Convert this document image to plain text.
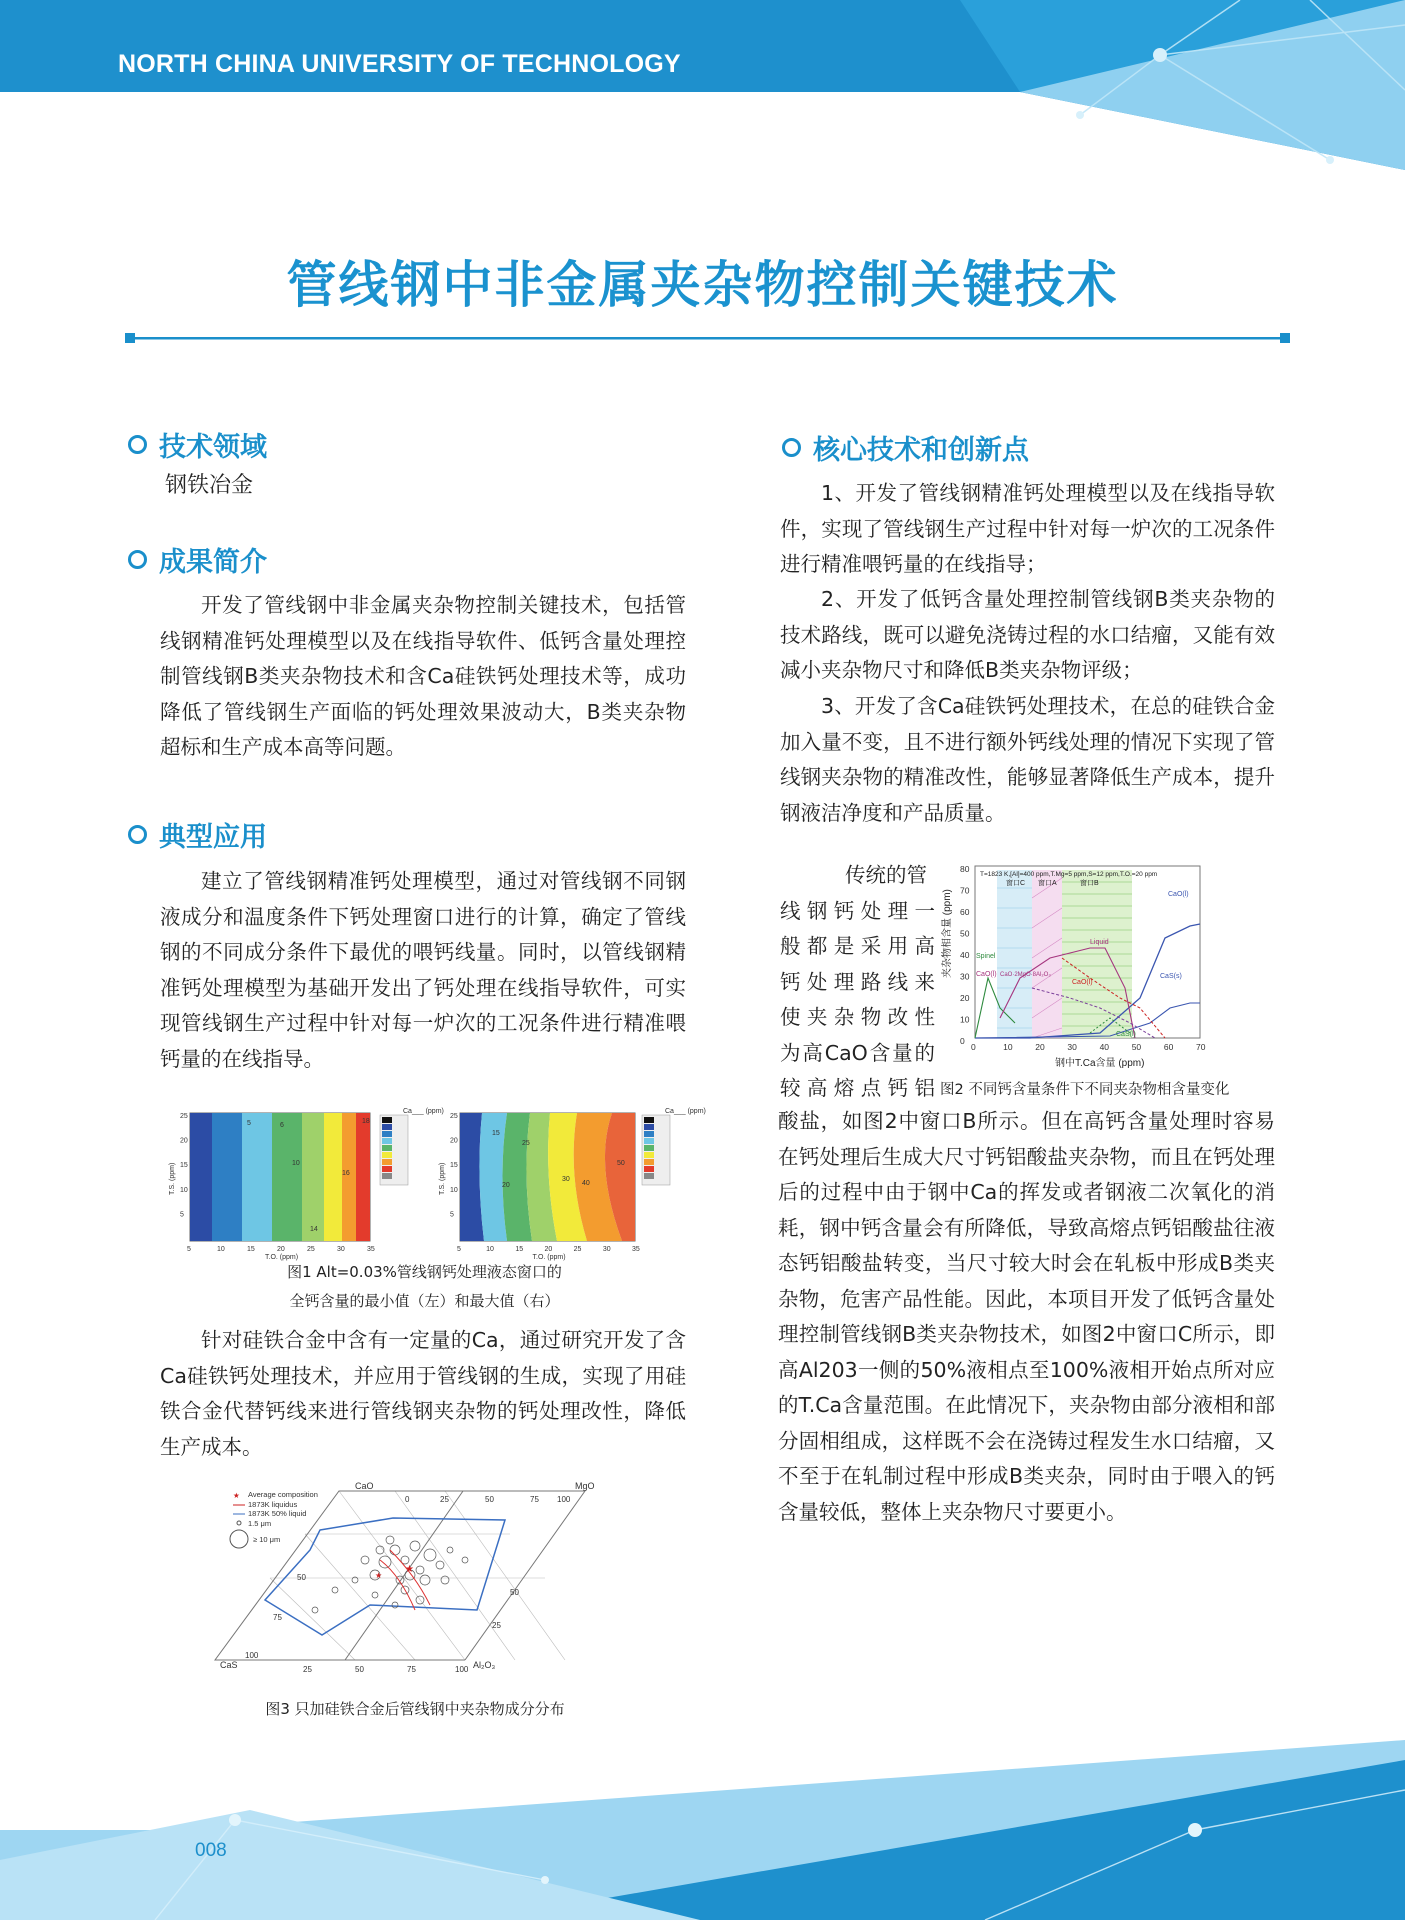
NORTH CHINA UNIVERSITY OF TECHNOLOGY
管线钢中非金属夹杂物控制关键技术
技术领域
钢铁冶金
成果简介

开发了管线钢中非金属夹杂物控制关键技术，包括管线钢精准钙处理模型以及在线指导软件、低钙含量处理控制管线钢B类夹杂物技术和含Ca硅铁钙处理技术等，成功降低了管线钢生产面临的钙处理效果波动大，B类夹杂物超标和生产成本高等问题。

典型应用

建立了管线钢精准钙处理模型，通过对管线钢不同钢液成分和温度条件下钙处理窗口进行的计算，确定了管线钢的不同成分条件下最优的喂钙线量。同时，以管线钢精准钙处理模型为基础开发出了钙处理在线指导软件，可实现管线钢生产过程中针对每一炉次的工况条件进行精准喂钙量的在线指导。

5	10	15	20	25	30	35
5
10
15
20
25
T.O. (ppm)
T.S. (ppm)
5	10	15	20	25	30	35
5
10
15
20
25
T.O. (ppm)
T.S. (ppm)
Ca___ (ppm)
Ca___ (ppm)
5	6
10
14
16
18
15
20
25
30
40
50
图1 Alt=0.03%管线钢钙处理液态窗口的
全钙含量的最小值（左）和最大值（右）

针对硅铁合金中含有一定量的Ca，通过研究开发了含Ca硅铁钙处理技术，并应用于管线钢的生成，实现了用硅铁合金代替钙线来进行管线钢夹杂物的钙处理改性，降低生产成本。

★
★
★ Average composition
1873K liquidus
1873K 50% liquid
1.5 μm
≥ 10 μm
CaO	MgO
CaS	Al₂O₃
0	25	50	75 100
100
25	50	75	100
50
75
50
25
图3 只加硅铁合金后管线钢中夹杂物成分分布
核心技术和创新点

1、开发了管线钢精准钙处理模型以及在线指导软件，实现了管线钢生产过程中针对每一炉次的工况条件进行精准喂钙量的在线指导；

2、开发了低钙含量处理控制管线钢B类夹杂物的技术路线，既可以避免浇铸过程的水口结瘤，又能有效减小夹杂物尺寸和降低B类夹杂物评级；

3、开发了含Ca硅铁钙处理技术，在总的硅铁合金加入量不变，且不进行额外钙线处理的情况下实现了管线钢夹杂物的精准改性，能够显著降低生产成本，提升钢液洁净度和产品质量。

传统的管
线钢钙处理一
般都是采用高
钙处理路线来
使夹杂物改性
为高CaO含量的
较高熔点钙铝
T=1823 K,[Al]=400 ppm,T.Mg=5 ppm,S=12 ppm,T.O.=20 ppm
窗口C 窗口A	窗口B
CaO(l)
CaS(s)
Spinel
CaO(l)
Liquid
CaO·2MgO·8Al₂O₃
CaO(l)
CaS(l)
0	10	20	30	40	50	60	70
0
10
20
30
40
50
60
70
80
钢中T.Ca含量 (ppm)
夹杂物相含量 (ppm)
图2 不同钙含量条件下不同夹杂物相含量变化

酸盐，如图2中窗口B所示。但在高钙含量处理时容易在钙处理后生成大尺寸钙铝酸盐夹杂物，而且在钙处理后的过程中由于钢中Ca的挥发或者钢液二次氧化的消耗，钢中钙含量会有所降低，导致高熔点钙铝酸盐往液态钙铝酸盐转变，当尺寸较大时会在轧板中形成B类夹杂物，危害产品性能。因此，本项目开发了低钙含量处理控制管线钢B类夹杂物技术，如图2中窗口C所示，即高Al203一侧的50%液相点至100%液相开始点所对应的T.Ca含量范围。在此情况下，夹杂物由部分液相和部分固相组成，这样既不会在浇铸过程发生水口结瘤，又不至于在轧制过程中形成B类夹杂，同时由于喂入的钙含量较低，整体上夹杂物尺寸要更小。

008
